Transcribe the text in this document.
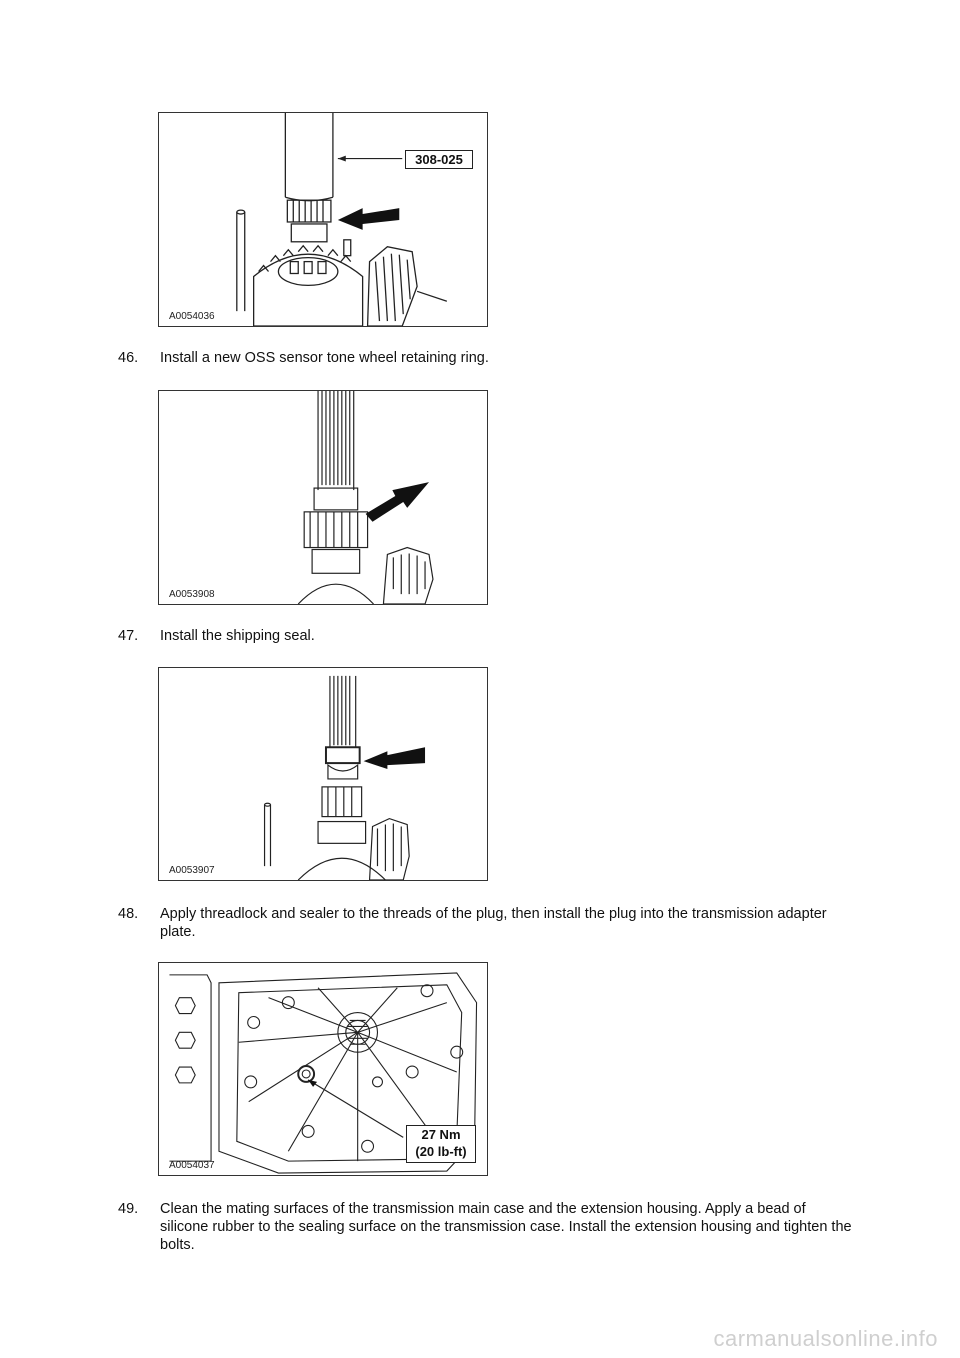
308-025
A0054036
46.	Install a new OSS sensor tone wheel retaining ring.
A0053908
47.	Install the shipping seal.
A0053907
48.	Apply threadlock and sealer to the threads of the plug, then install the plug into the transmission adapter plate.
27 Nm
(20 lb-ft)
A0054037
49.	Clean the mating surfaces of the transmission main case and the extension housing. Apply a bead of silicone rubber to the sealing surface on the transmission case. Install the extension housing and tighten the bolts.
carmanualsonline.info
